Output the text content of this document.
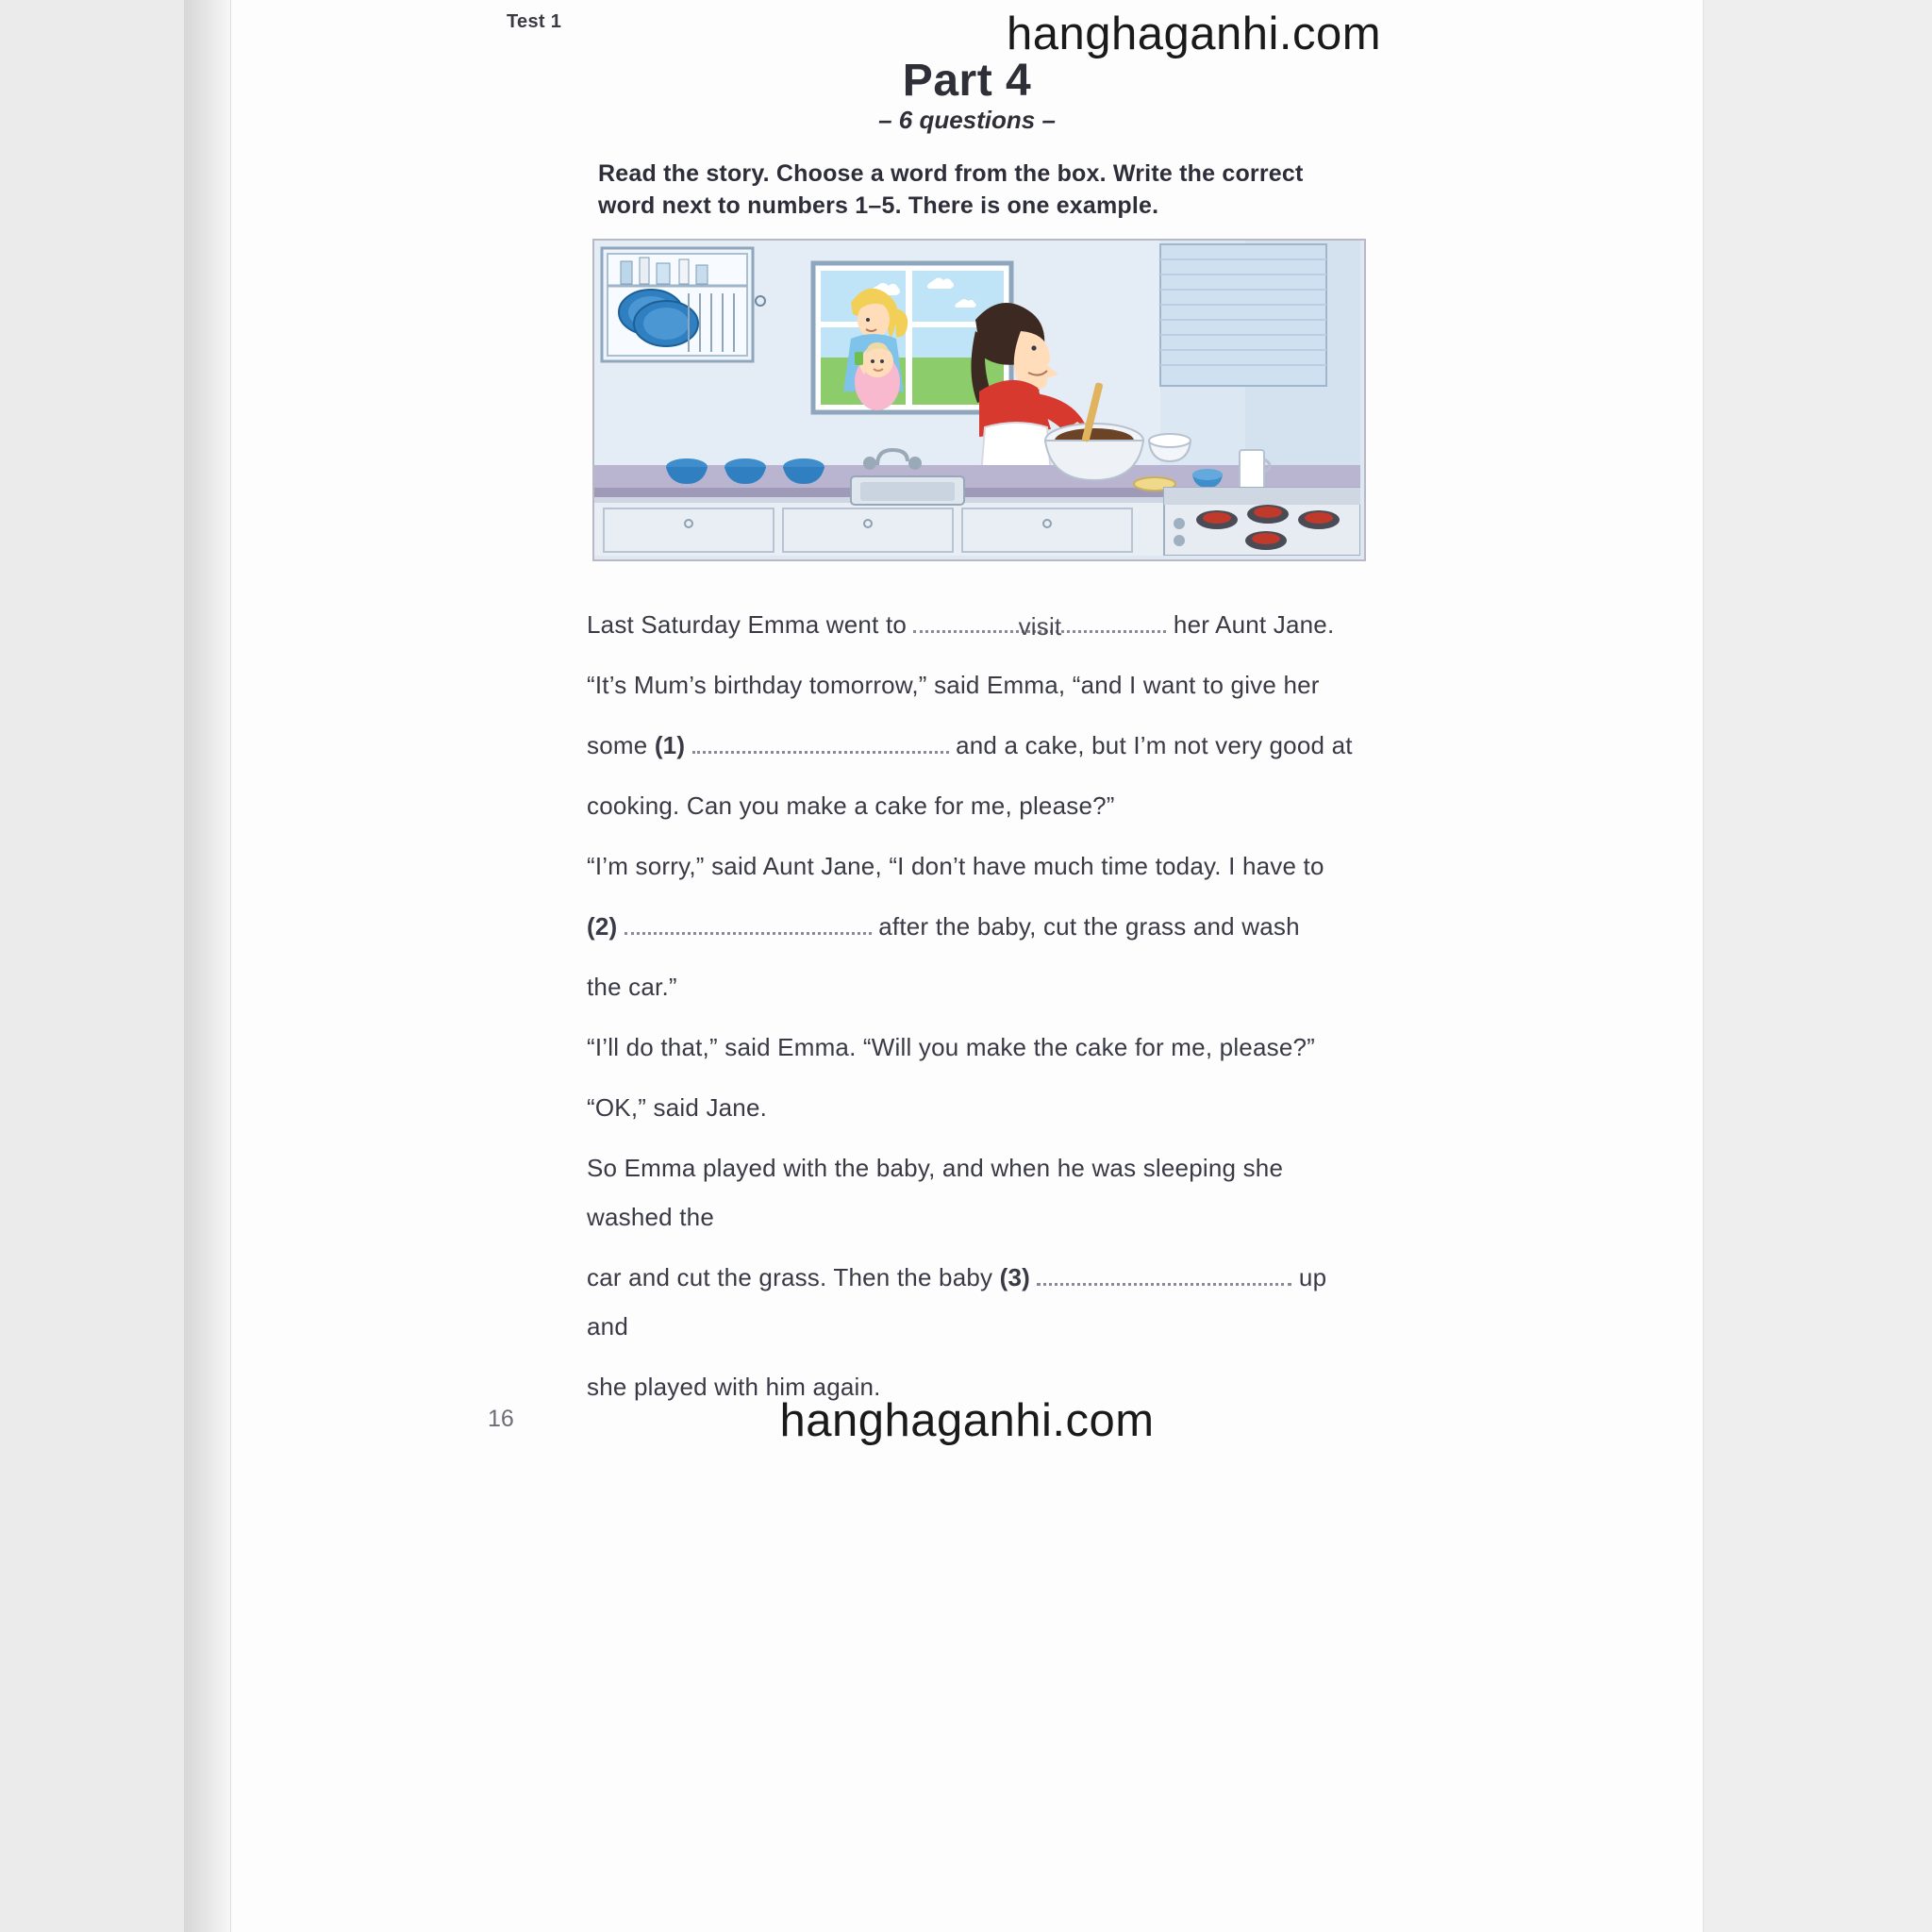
Test 1
Part 4
– 6 questions –
Read the story. Choose a word from the box. Write the correct word next to numbers 1–5. There is one example.

Last Saturday Emma went to	visit	her Aunt Jane.

“It’s Mum’s birthday tomorrow,” said Emma, “and I want to give her

some (1)	and a cake, but I’m not very good at

cooking. Can you make a cake for me, please?”

“I’m sorry,” said Aunt Jane, “I don’t have much time today. I have to

(2)	after the baby, cut the grass and wash

the car.”

“I’ll do that,” said Emma. “Will you make the cake for me, please?”

“OK,” said Jane.

So Emma played with the baby, and when he was sleeping she washed the

car and cut the grass. Then the baby (3)	up and

she played with him again.

16
hanghaganhi.com
hanghaganhi.com
